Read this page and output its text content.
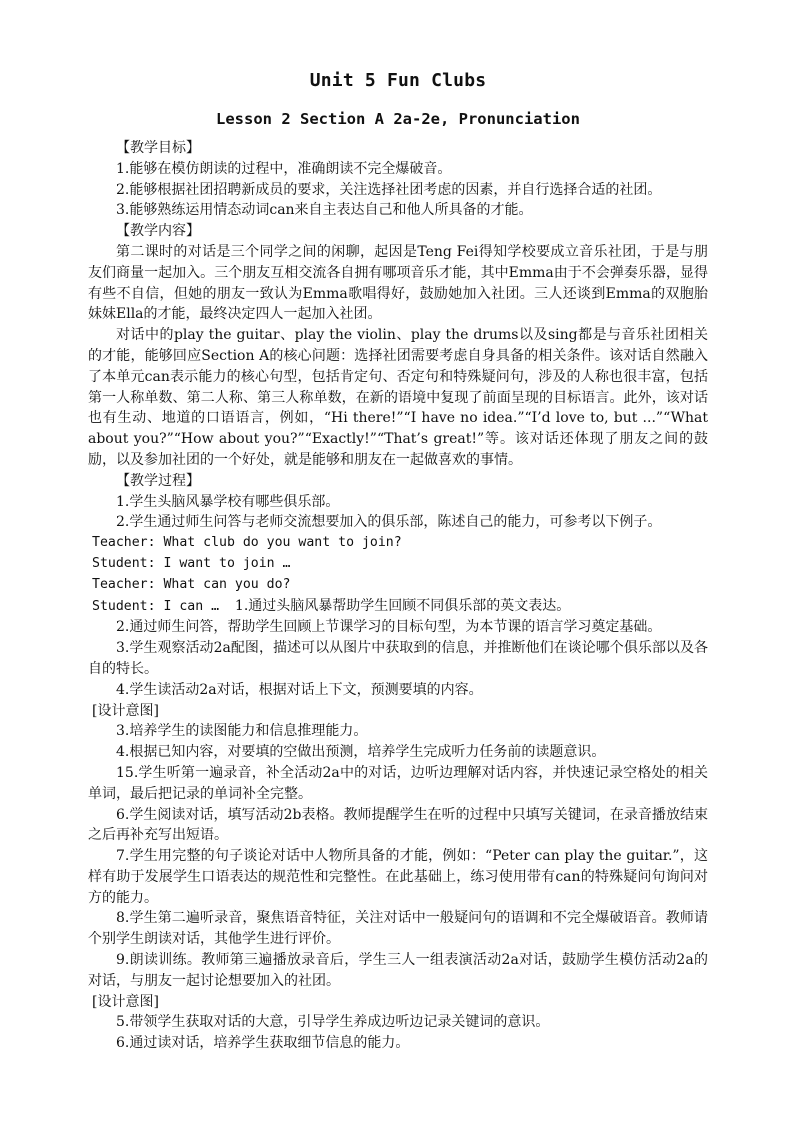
Unit 5 Fun Clubs
Lesson 2 Section A 2a-2e, Pronunciation
【教学目标】
1.能够在模仿朗读的过程中，准确朗读不完全爆破音。
2.能够根据社团招聘新成员的要求，关注选择社团考虑的因素，并自行选择合适的社团。
3.能够熟练运用情态动词can来自主表达自己和他人所具备的才能。
【教学内容】
第二课时的对话是三个同学之间的闲聊，起因是Teng Fei得知学校要成立音乐社团，于是与朋友们商量一起加入。三个朋友互相交流各自拥有哪项音乐才能，其中Emma由于不会弹奏乐器，显得有些不自信，但她的朋友一致认为Emma歌唱得好，鼓励她加入社团。三人还谈到Emma的双胞胎妹妹Ella的才能，最终决定四人一起加入社团。
对话中的play the guitar、play the violin、play the drums以及sing都是与音乐社团相关的才能，能够回应Section A的核心问题：选择社团需要考虑自身具备的相关条件。该对话自然融入了本单元can表示能力的核心句型，包括肯定句、否定句和特殊疑问句，涉及的人称也很丰富，包括第一人称单数、第二人称、第三人称单数，在新的语境中复现了前面呈现的目标语言。此外，该对话也有生动、地道的口语语言，例如，“Hi there!”“I have no idea.”“I’d love to, but ...”“What about you?”“How about you?”“Exactly!”“That’s great!”等。该对话还体现了朋友之间的鼓励，以及参加社团的一个好处，就是能够和朋友在一起做喜欢的事情。
【教学过程】
1.学生头脑风暴学校有哪些俱乐部。
2.学生通过师生问答与老师交流想要加入的俱乐部，陈述自己的能力，可参考以下例子。
Teacher: What club do you want to join?
Student: I want to join …
Teacher: What can you do?
Student: I can …  1.通过头脑风暴帮助学生回顾不同俱乐部的英文表达。
2.通过师生问答，帮助学生回顾上节课学习的目标句型，为本节课的语言学习奠定基础。
3.学生观察活动2a配图，描述可以从图片中获取到的信息，并推断他们在谈论哪个俱乐部以及各自的特长。
4.学生读活动2a对话，根据对话上下文，预测要填的内容。
[设计意图]
3.培养学生的读图能力和信息推理能力。
4.根据已知内容，对要填的空做出预测，培养学生完成听力任务前的读题意识。
15.学生听第一遍录音，补全活动2a中的对话，边听边理解对话内容，并快速记录空格处的相关单词，最后把记录的单词补全完整。
6.学生阅读对话，填写活动2b表格。教师提醒学生在听的过程中只填写关键词，在录音播放结束之后再补充写出短语。
7.学生用完整的句子谈论对话中人物所具备的才能，例如：“Peter can play the guitar.”，这样有助于发展学生口语表达的规范性和完整性。在此基础上，练习使用带有can的特殊疑问句询问对方的能力。
8.学生第二遍听录音，聚焦语音特征，关注对话中一般疑问句的语调和不完全爆破语音。教师请个别学生朗读对话，其他学生进行评价。
9.朗读训练。教师第三遍播放录音后，学生三人一组表演活动2a对话，鼓励学生模仿活动2a的对话，与朋友一起讨论想要加入的社团。
[设计意图]
5.带领学生获取对话的大意，引导学生养成边听边记录关键词的意识。
6.通过读对话，培养学生获取细节信息的能力。
